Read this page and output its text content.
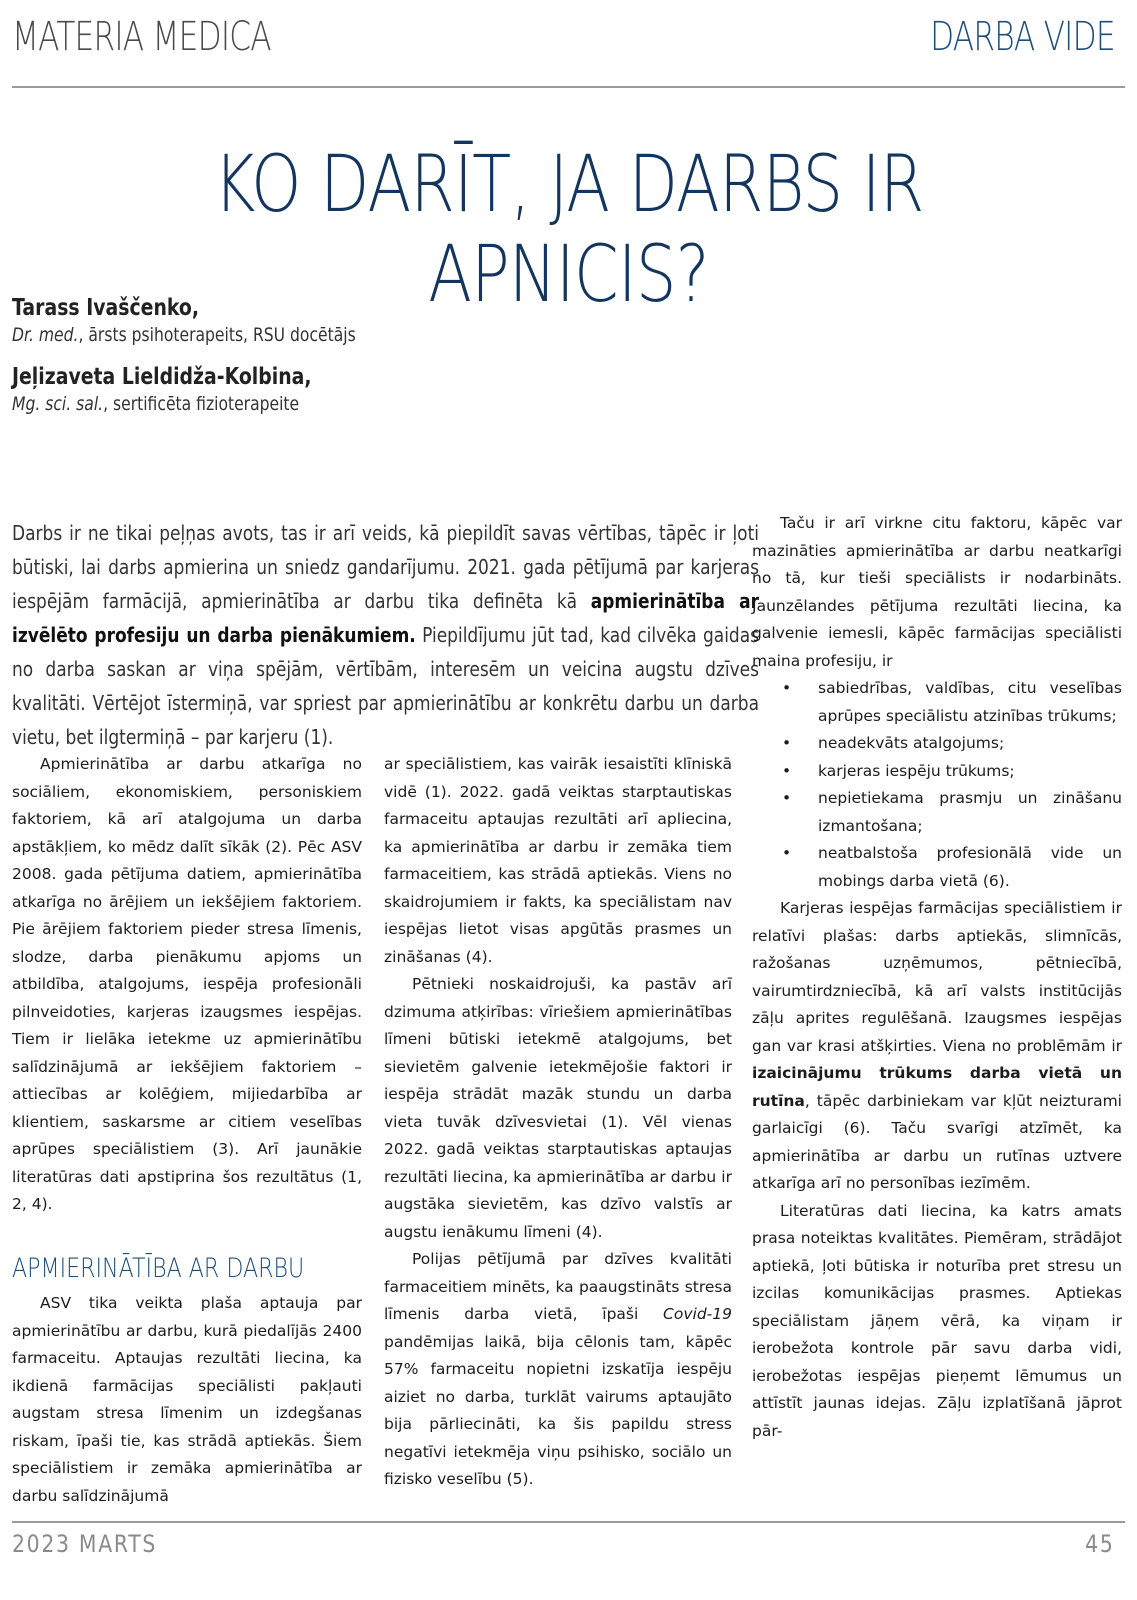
MATERIA MEDICA	DARBA VIDE
KO DARĪT, JA DARBS IR APNICIS?
Tarass Ivaščenko,
Dr. med., ārsts psihoterapeits, RSU docētājs
Jeļizaveta Lieldidža-Kolbina,
Mg. sci. sal., sertificēta fizioterapeite
Darbs ir ne tikai peļņas avots, tas ir arī veids, kā piepildīt savas vērtības, tāpēc ir ļoti būtiski, lai darbs apmierina un sniedz gandarījumu. 2021. gada pētījumā par karjeras iespējām farmācijā, apmierinātība ar darbu tika definēta kā apmierinātība ar izvēlēto profesiju un darba pienākumiem. Piepildījumu jūt tad, kad cilvēka gaidas no darba saskan ar viņa spējām, vērtībām, interesēm un veicina augstu dzīves kvalitāti. Vērtējot īstermiņā, var spriest par apmierinātību ar konkrētu darbu un darba vietu, bet ilgtermiņā – par karjeru (1).

Apmierinātība ar darbu atkarīga no sociāliem, ekonomiskiem, personiskiem faktoriem, kā arī atalgojuma un darba apstākļiem, ko mēdz dalīt sīkāk (2). Pēc ASV 2008. gada pētījuma datiem, apmierinātība atkarīga no ārējiem un iekšējiem faktoriem. Pie ārējiem faktoriem pieder stresa līmenis, slodze, darba pienākumu apjoms un atbildība, atalgojums, iespēja profesionāli pilnveidoties, karjeras izaugsmes iespējas. Tiem ir lielāka ietekme uz apmierinātību salīdzinājumā ar iekšējiem faktoriem – attiecības ar kolēģiem, mijiedarbība ar klientiem, saskarsme ar citiem veselības aprūpes speciālistiem (3). Arī jaunākie literatūras dati apstiprina šos rezultātus (1, 2, 4).

APMIERINĀTĪBA AR DARBU

ASV tika veikta plaša aptauja par apmierinātību ar darbu, kurā piedalījās 2400 farmaceitu. Aptaujas rezultāti liecina, ka ikdienā farmācijas speciālisti pakļauti augstam stresa līmenim un izdegšanas riskam, īpaši tie, kas strādā aptiekās. Šiem speciālistiem ir zemāka apmierinātība ar darbu salīdzinājumā

ar speciālistiem, kas vairāk iesaistīti klīniskā vidē (1). 2022. gadā veiktas starptautiskas farmaceitu aptaujas rezultāti arī apliecina, ka apmierinātība ar darbu ir zemāka tiem farmaceitiem, kas strādā aptiekās. Viens no skaidrojumiem ir fakts, ka speciālistam nav iespējas lietot visas apgūtās prasmes un zināšanas (4).

Pētnieki noskaidrojuši, ka pastāv arī dzimuma atķirības: vīriešiem apmierinātības līmeni būtiski ietekmē atalgojums, bet sievietēm galvenie ietekmējošie faktori ir iespēja strādāt mazāk stundu un darba vieta tuvāk dzīvesvietai (1). Vēl vienas 2022. gadā veiktas starptautiskas aptaujas rezultāti liecina, ka apmierinātība ar darbu ir augstāka sievietēm, kas dzīvo valstīs ar augstu ienākumu līmeni (4).

Polijas pētījumā par dzīves kvalitāti farmaceitiem minēts, ka paaugstināts stresa līmenis darba vietā, īpaši Covid-19 pandēmijas laikā, bija cēlonis tam, kāpēc 57% farmaceitu nopietni izskatīja iespēju aiziet no darba, turklāt vairums aptaujāto bija pārliecināti, ka šis papildu stress negatīvi ietekmēja viņu psihisko, sociālo un fizisko veselību (5).

Taču ir arī virkne citu faktoru, kāpēc var mazināties apmierinātība ar darbu neatkarīgi no tā, kur tieši speciālists ir nodarbināts. Jaunzēlandes pētījuma rezultāti liecina, ka galvenie iemesli, kāpēc farmācijas speciālisti maina profesiju, ir

• sabiedrības, valdības, citu veselības aprūpes speciālistu atzinības trūkums;
• neadekvāts atalgojums;
• karjeras iespēju trūkums;
• nepietiekama prasmju un zināšanu izmantošana;
• neatbalstoša profesionālā vide un mobings darba vietā (6).

Karjeras iespējas farmācijas speciālistiem ir relatīvi plašas: darbs aptiekās, slimnīcās, ražošanas uzņēmumos, pētniecībā, vairumtirdzniecībā, kā arī valsts institūcijās zāļu aprites regulēšanā. Izaugsmes iespējas gan var krasi atšķirties. Viena no problēmām ir izaicinājumu trūkums darba vietā un rutīna, tāpēc darbiniekam var kļūt neizturami garlaicīgi (6). Taču svarīgi atzīmēt, ka apmierinātība ar darbu un rutīnas uztvere atkarīga arī no personības iezīmēm.

Literatūras dati liecina, ka katrs amats prasa noteiktas kvalitātes. Piemēram, strādājot aptiekā, ļoti būtiska ir noturība pret stresu un izcilas komunikācijas prasmes. Aptiekas speciālistam jāņem vērā, ka viņam ir ierobežota kontrole pār savu darba vidi, ierobežotas iespējas pieņemt lēmumus un attīstīt jaunas idejas. Zāļu izplatīšanā jāprot pār-

2023 MARTS	45
